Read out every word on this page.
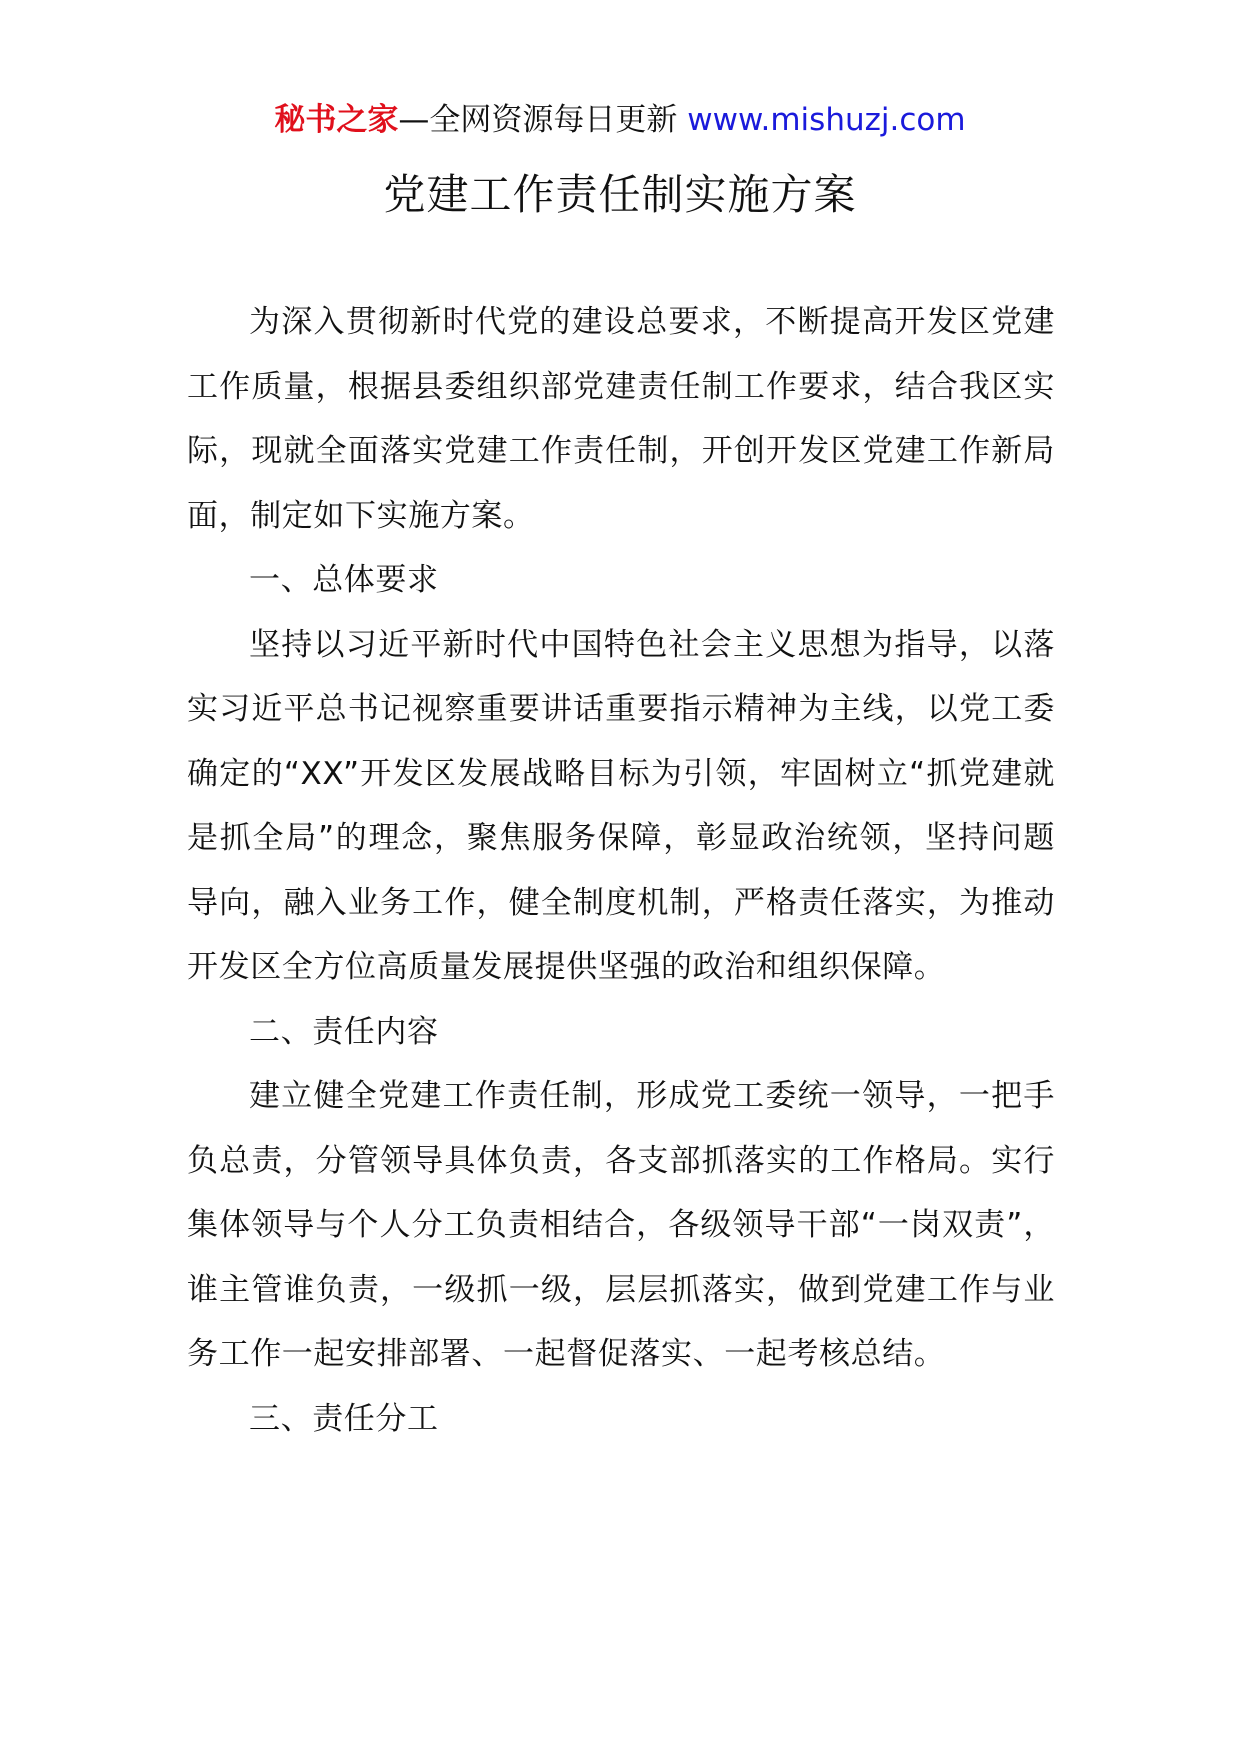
秘书之家—全网资源每日更新 www.mishuzj.com
党建工作责任制实施方案

为深入贯彻新时代党的建设总要求，不断提高开发区党建工作质量，根据县委组织部党建责任制工作要求，结合我区实际，现就全面落实党建工作责任制，开创开发区党建工作新局面，制定如下实施方案。

一、总体要求

坚持以习近平新时代中国特色社会主义思想为指导，以落实习近平总书记视察重要讲话重要指示精神为主线，以党工委确定的“XX”开发区发展战略目标为引领，牢固树立“抓党建就是抓全局”的理念，聚焦服务保障，彰显政治统领，坚持问题导向，融入业务工作，健全制度机制，严格责任落实，为推动开发区全方位高质量发展提供坚强的政治和组织保障。

二、责任内容

建立健全党建工作责任制，形成党工委统一领导，一把手负总责，分管领导具体负责，各支部抓落实的工作格局。实行集体领导与个人分工负责相结合，各级领导干部“一岗双责”，谁主管谁负责，一级抓一级，层层抓落实，做到党建工作与业务工作一起安排部署、一起督促落实、一起考核总结。

三、责任分工
